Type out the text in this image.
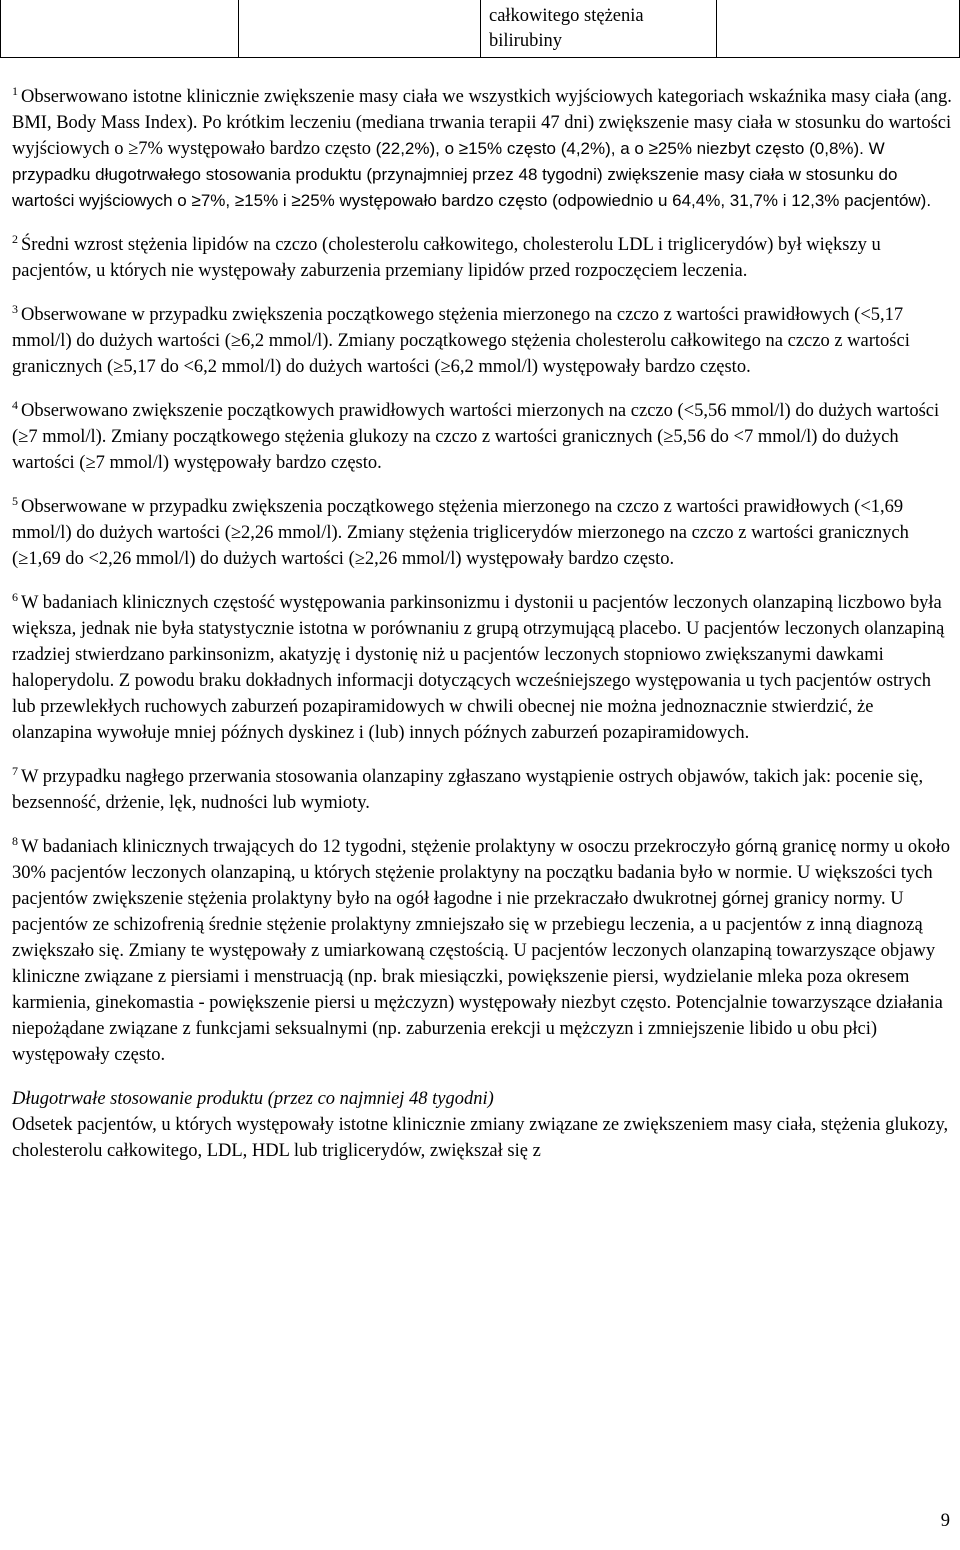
całkowitego stężenia bilirubiny

$^1$ Obserwowano istotne klinicznie zwiększenie masy ciała we wszystkich wyjściowych kategoriach wskaźnika masy ciała (ang. BMI, Body Mass Index). Po krótkim leczeniu (mediana trwania terapii 47 dni) zwiększenie masy ciała w stosunku do wartości wyjściowych o ≥7% występowało bardzo często (22,2%), o ≥15% często (4,2%), a o ≥25% niezbyt często (0,8%). W przypadku długotrwałego stosowania produktu (przynajmniej przez 48 tygodni) zwiększenie masy ciała w stosunku do wartości wyjściowych o ≥7%, ≥15% i ≥25% występowało bardzo często (odpowiednio u 64,4%, 31,7% i 12,3% pacjentów).

$^2$ Średni wzrost stężenia lipidów na czczo (cholesterolu całkowitego, cholesterolu LDL i triglicerydów) był większy u pacjentów, u których nie występowały zaburzenia przemiany lipidów przed rozpoczęciem leczenia.

$^3$ Obserwowane w przypadku zwiększenia początkowego stężenia mierzonego na czczo z wartości prawidłowych (<5,17 mmol/l) do dużych wartości (≥6,2 mmol/l). Zmiany początkowego stężenia cholesterolu całkowitego na czczo z wartości granicznych (≥5,17 do <6,2 mmol/l) do dużych wartości (≥6,2 mmol/l) występowały bardzo często.

$^4$ Obserwowano zwiększenie początkowych prawidłowych wartości mierzonych na czczo (<5,56 mmol/l) do dużych wartości (≥7 mmol/l). Zmiany początkowego stężenia glukozy na czczo z wartości granicznych (≥5,56 do <7 mmol/l) do dużych wartości (≥7 mmol/l) występowały bardzo często.

$^5$ Obserwowane w przypadku zwiększenia początkowego stężenia mierzonego na czczo z wartości prawidłowych (<1,69 mmol/l) do dużych wartości (≥2,26 mmol/l). Zmiany stężenia triglicerydów mierzonego na czczo z wartości granicznych (≥1,69 do <2,26 mmol/l) do dużych wartości (≥2,26 mmol/l) występowały bardzo często.

$^6$ W badaniach klinicznych częstość występowania parkinsonizmu i dystonii u pacjentów leczonych olanzapiną liczbowo była większa, jednak nie była statystycznie istotna w porównaniu z grupą otrzymującą placebo. U pacjentów leczonych olanzapiną rzadziej stwierdzano parkinsonizm, akatyzję i dystonię niż u pacjentów leczonych stopniowo zwiększanymi dawkami haloperydolu. Z powodu braku dokładnych informacji dotyczących wcześniejszego występowania u tych pacjentów ostrych lub przewlekłych ruchowych zaburzeń pozapiramidowych w chwili obecnej nie można jednoznacznie stwierdzić, że olanzapina wywołuje mniej późnych dyskinez i (lub) innych późnych zaburzeń pozapiramidowych.

$^7$ W przypadku nagłego przerwania stosowania olanzapiny zgłaszano wystąpienie ostrych objawów, takich jak: pocenie się, bezsenność, drżenie, lęk, nudności lub wymioty.

$^8$ W badaniach klinicznych trwających do 12 tygodni, stężenie prolaktyny w osoczu przekroczyło górną granicę normy u około 30% pacjentów leczonych olanzapiną, u których stężenie prolaktyny na początku badania było w normie. U większości tych pacjentów zwiększenie stężenia prolaktyny było na ogół łagodne i nie przekraczało dwukrotnej górnej granicy normy. U pacjentów ze schizofrenią średnie stężenie prolaktyny zmniejszało się w przebiegu leczenia, a u pacjentów z inną diagnozą zwiększało się. Zmiany te występowały z umiarkowaną częstością. U pacjentów leczonych olanzapiną towarzyszące objawy kliniczne związane z piersiami i menstruacją (np. brak miesiączki, powiększenie piersi, wydzielanie mleka poza okresem karmienia, ginekomastia - powiększenie piersi u mężczyzn) występowały niezbyt często. Potencjalnie towarzyszące działania niepożądane związane z funkcjami seksualnymi (np. zaburzenia erekcji u mężczyzn i zmniejszenie libido u obu płci) występowały często.

Długotrwałe stosowanie produktu (przez co najmniej 48 tygodni)

Odsetek pacjentów, u których występowały istotne klinicznie zmiany związane ze zwiększeniem masy ciała, stężenia glukozy, cholesterolu całkowitego, LDL, HDL lub triglicerydów, zwiększał się z

9
